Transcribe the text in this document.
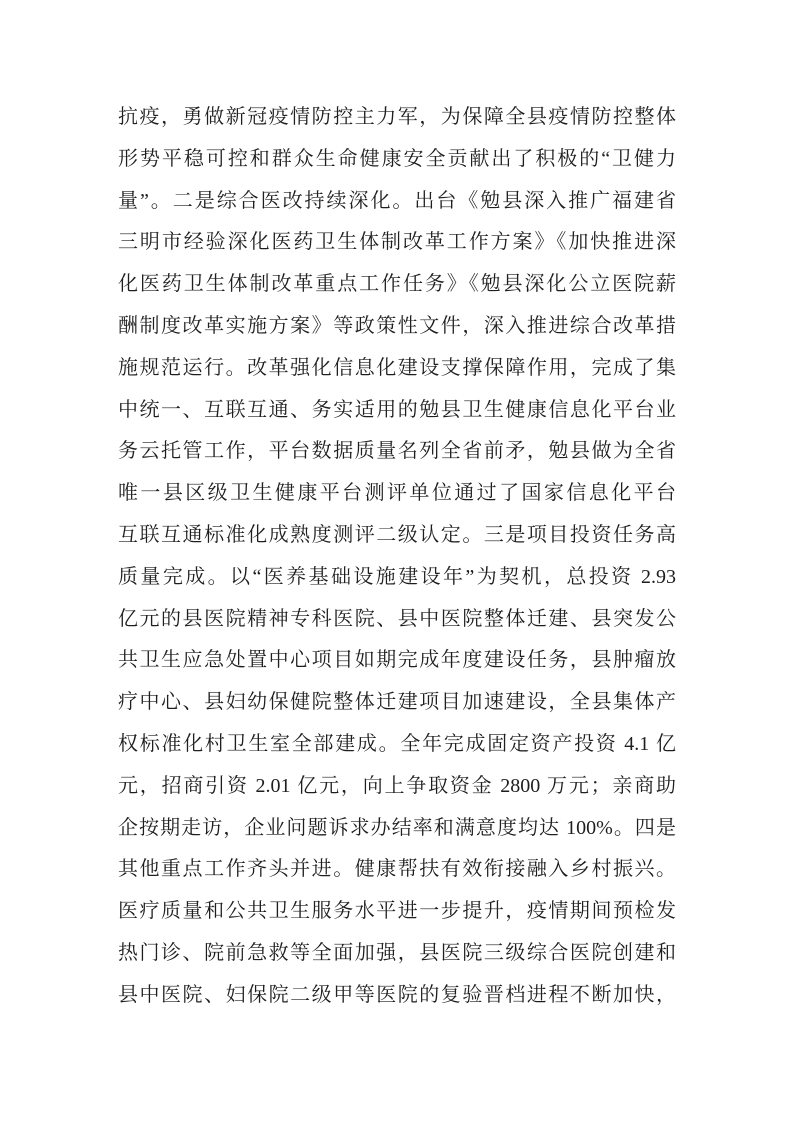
抗疫，勇做新冠疫情防控主力军，为保障全县疫情防控整体
形势平稳可控和群众生命健康安全贡献出了积极的“卫健力
量”。二是综合医改持续深化。出台《勉县深入推广福建省
三明市经验深化医药卫生体制改革工作方案》《加快推进深
化医药卫生体制改革重点工作任务》《勉县深化公立医院薪
酬制度改革实施方案》等政策性文件，深入推进综合改革措
施规范运行。改革强化信息化建设支撑保障作用，完成了集
中统一、互联互通、务实适用的勉县卫生健康信息化平台业
务云托管工作，平台数据质量名列全省前矛，勉县做为全省
唯一县区级卫生健康平台测评单位通过了国家信息化平台
互联互通标准化成熟度测评二级认定。三是项目投资任务高
质量完成。以“医养基础设施建设年”为契机，总投资 2.93
亿元的县医院精神专科医院、县中医院整体迁建、县突发公
共卫生应急处置中心项目如期完成年度建设任务，县肿瘤放
疗中心、县妇幼保健院整体迁建项目加速建设，全县集体产
权标准化村卫生室全部建成。全年完成固定资产投资 4.1 亿
元，招商引资 2.01 亿元，向上争取资金 2800 万元；亲商助
企按期走访，企业问题诉求办结率和满意度均达 100%。四是
其他重点工作齐头并进。健康帮扶有效衔接融入乡村振兴。
医疗质量和公共卫生服务水平进一步提升，疫情期间预检发
热门诊、院前急救等全面加强，县医院三级综合医院创建和
县中医院、妇保院二级甲等医院的复验晋档进程不断加快，
